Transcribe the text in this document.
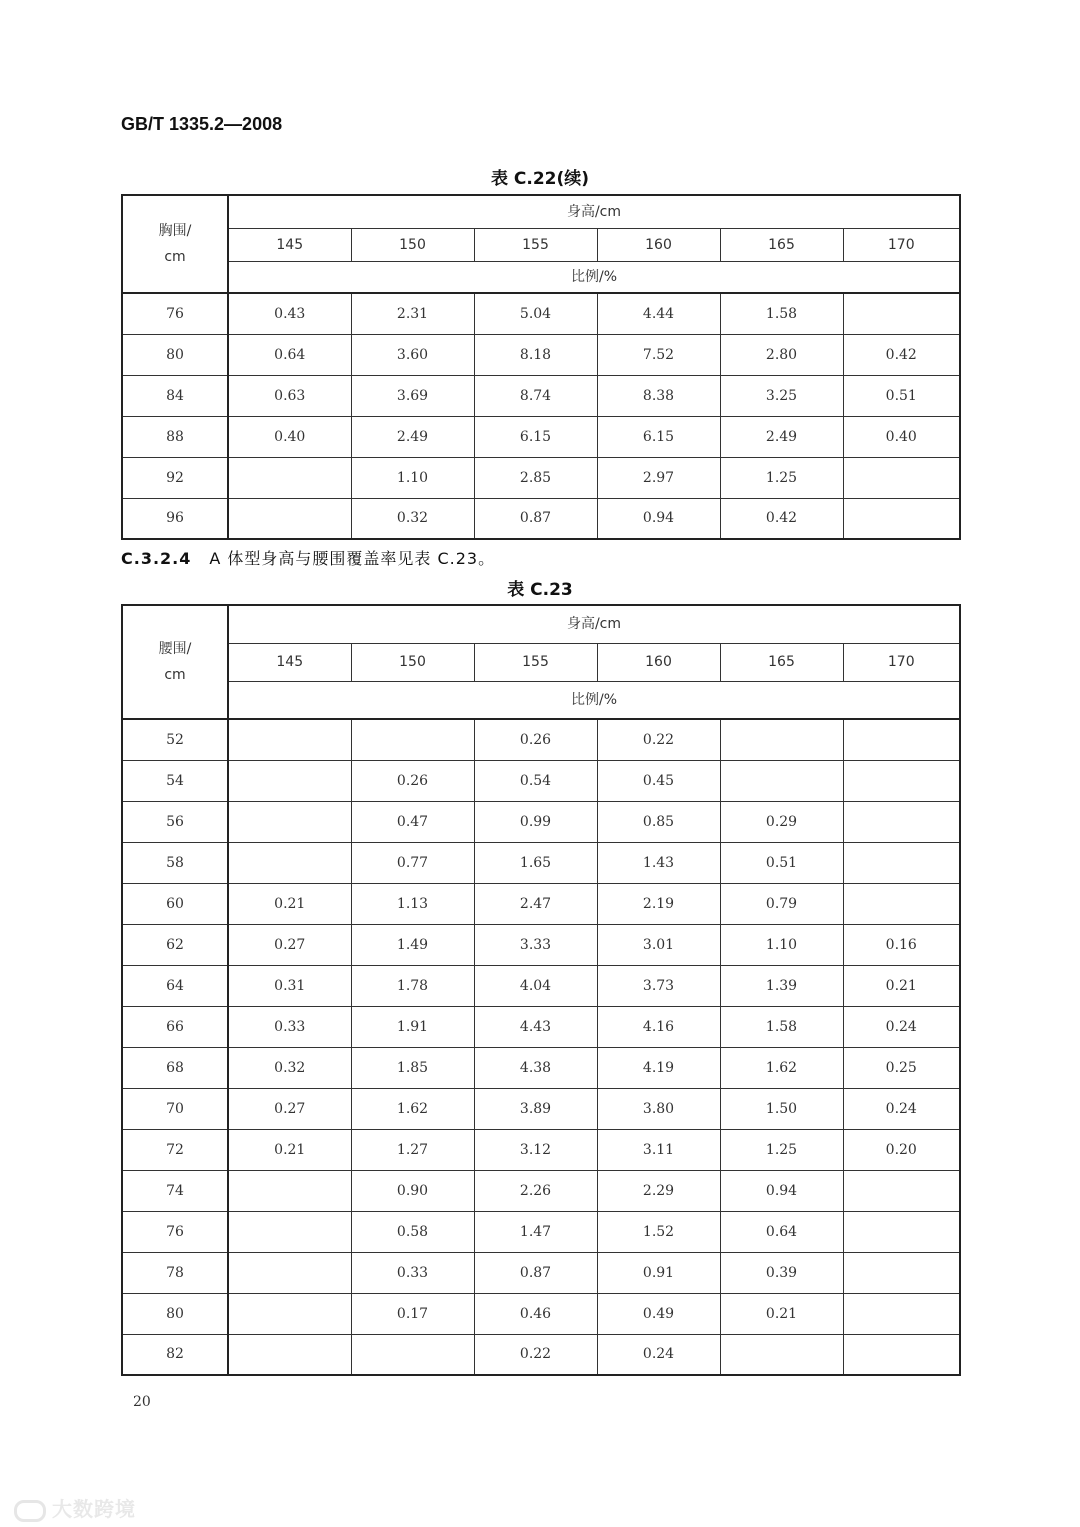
GB/T 1335.2—2008
表 C.22(续)
胸围/
cm	身高/cm					
	145	150	155	160	165	170
	比例/%					
76	0.43	2.31	5.04	4.44	1.58	
80	0.64	3.60	8.18	7.52	2.80	0.42
84	0.63	3.69	8.74	8.38	3.25	0.51
88	0.40	2.49	6.15	6.15	2.49	0.40
92		1.10	2.85	2.97	1.25	
96		0.32	0.87	0.94	0.42	
C.3.2.4 A 体型身高与腰围覆盖率见表 C.23。
表 C.23
腰围/
cm	身高/cm					
	145	150	155	160	165	170
	比例/%					
52			0.26	0.22		
54		0.26	0.54	0.45		
56		0.47	0.99	0.85	0.29	
58		0.77	1.65	1.43	0.51	
60	0.21	1.13	2.47	2.19	0.79	
62	0.27	1.49	3.33	3.01	1.10	0.16
64	0.31	1.78	4.04	3.73	1.39	0.21
66	0.33	1.91	4.43	4.16	1.58	0.24
68	0.32	1.85	4.38	4.19	1.62	0.25
70	0.27	1.62	3.89	3.80	1.50	0.24
72	0.21	1.27	3.12	3.11	1.25	0.20
74		0.90	2.26	2.29	0.94	
76		0.58	1.47	1.52	0.64	
78		0.33	0.87	0.91	0.39	
80		0.17	0.46	0.49	0.21	
82			0.22	0.24		
20
大数跨境
